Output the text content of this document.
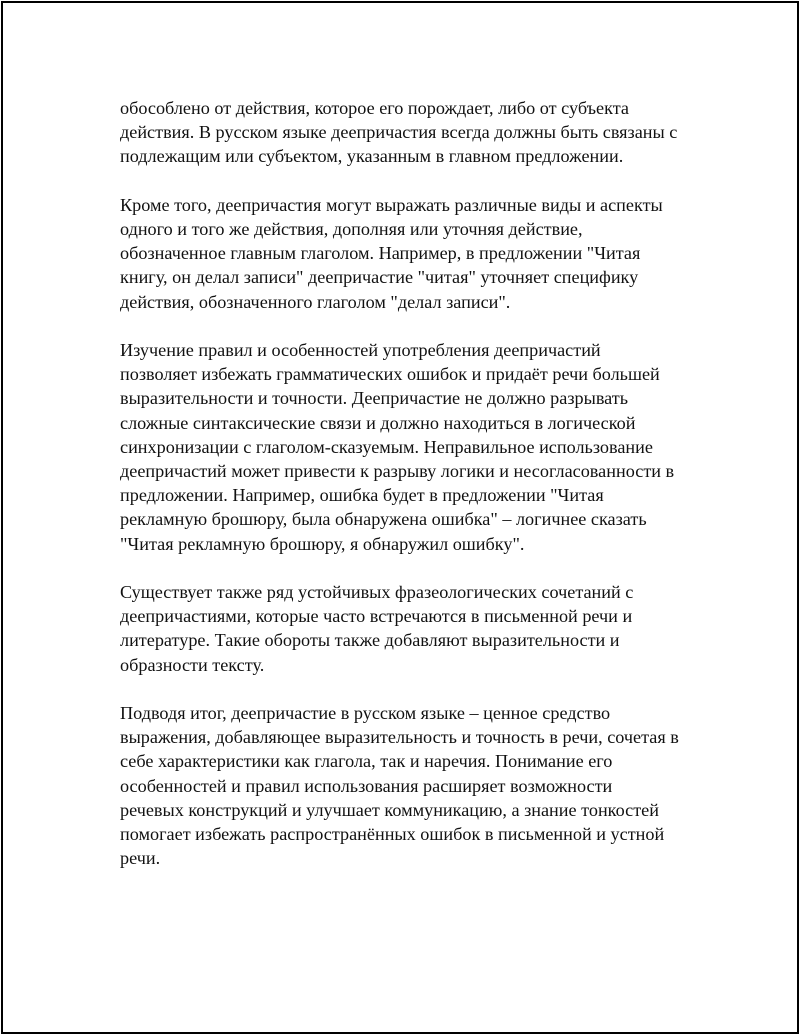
обособлено от действия, которое его порождает, либо от субъекта
действия. В русском языке деепричастия всегда должны быть связаны с
подлежащим или субъектом, указанным в главном предложении.

Кроме того, деепричастия могут выражать различные виды и аспекты
одного и того же действия, дополняя или уточняя действие,
обозначенное главным глаголом. Например, в предложении "Читая
книгу, он делал записи" деепричастие "читая" уточняет специфику
действия, обозначенного глаголом "делал записи".

Изучение правил и особенностей употребления деепричастий
позволяет избежать грамматических ошибок и придаёт речи большей
выразительности и точности. Деепричастие не должно разрывать
сложные синтаксические связи и должно находиться в логической
синхронизации с глаголом-сказуемым. Неправильное использование
деепричастий может привести к разрыву логики и несогласованности в
предложении. Например, ошибка будет в предложении "Читая
рекламную брошюру, была обнаружена ошибка" – логичнее сказать
"Читая рекламную брошюру, я обнаружил ошибку".

Существует также ряд устойчивых фразеологических сочетаний с
деепричастиями, которые часто встречаются в письменной речи и
литературе. Такие обороты также добавляют выразительности и
образности тексту.

Подводя итог, деепричастие в русском языке – ценное средство
выражения, добавляющее выразительность и точность в речи, сочетая в
себе характеристики как глагола, так и наречия. Понимание его
особенностей и правил использования расширяет возможности
речевых конструкций и улучшает коммуникацию, а знание тонкостей
помогает избежать распространённых ошибок в письменной и устной
речи.
